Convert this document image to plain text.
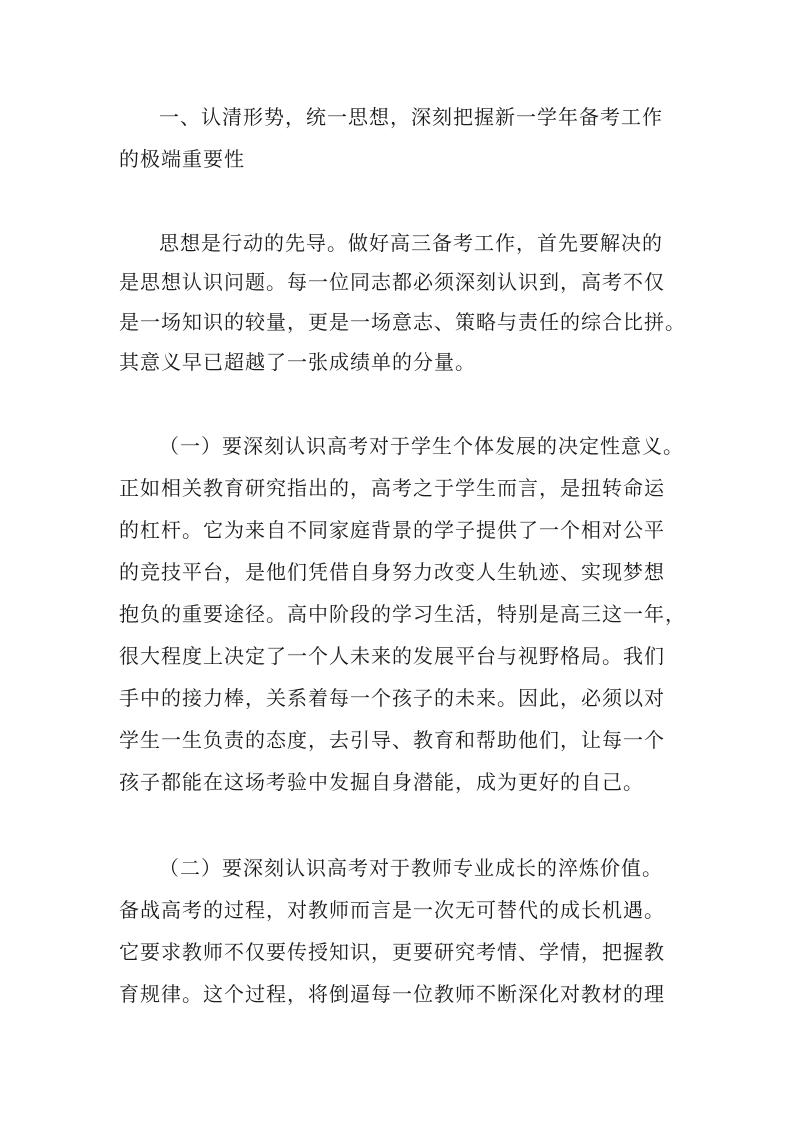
一、认清形势，统一思想，深刻把握新一学年备考工作
的极端重要性
思想是行动的先导。做好高三备考工作，首先要解决的
是思想认识问题。每一位同志都必须深刻认识到，高考不仅
是一场知识的较量，更是一场意志、策略与责任的综合比拼。
其意义早已超越了一张成绩单的分量。
（一）要深刻认识高考对于学生个体发展的决定性意义。
正如相关教育研究指出的，高考之于学生而言，是扭转命运
的杠杆。它为来自不同家庭背景的学子提供了一个相对公平
的竞技平台，是他们凭借自身努力改变人生轨迹、实现梦想
抱负的重要途径。高中阶段的学习生活，特别是高三这一年，
很大程度上决定了一个人未来的发展平台与视野格局。我们
手中的接力棒，关系着每一个孩子的未来。因此，必须以对
学生一生负责的态度，去引导、教育和帮助他们，让每一个
孩子都能在这场考验中发掘自身潜能，成为更好的自己。
（二）要深刻认识高考对于教师专业成长的淬炼价值。
备战高考的过程，对教师而言是一次无可替代的成长机遇。
它要求教师不仅要传授知识，更要研究考情、学情，把握教
育规律。这个过程，将倒逼每一位教师不断深化对教材的理
